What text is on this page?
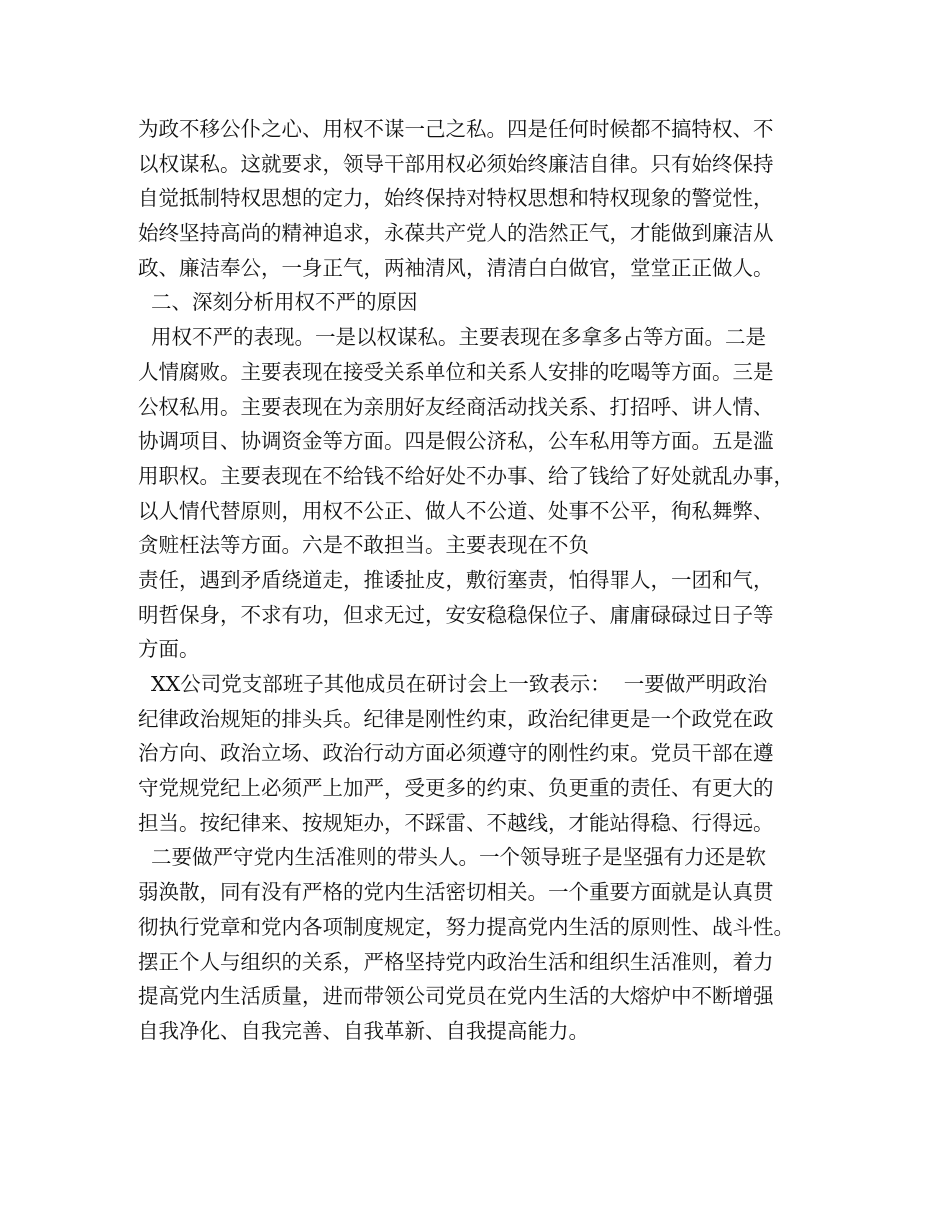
为政不移公仆之心、用权不谋一己之私。四是任何时候都不搞特权、不
以权谋私。这就要求，领导干部用权必须始终廉洁自律。只有始终保持
自觉抵制特权思想的定力，始终保持对特权思想和特权现象的警觉性，
始终坚持高尚的精神追求，永葆共产党人的浩然正气，才能做到廉洁从
政、廉洁奉公，一身正气，两袖清风，清清白白做官，堂堂正正做人。
二、深刻分析用权不严的原因
用权不严的表现。一是以权谋私。主要表现在多拿多占等方面。二是
人情腐败。主要表现在接受关系单位和关系人安排的吃喝等方面。三是
公权私用。主要表现在为亲朋好友经商活动找关系、打招呼、讲人情、
协调项目、协调资金等方面。四是假公济私，公车私用等方面。五是滥
用职权。主要表现在不给钱不给好处不办事、给了钱给了好处就乱办事，
以人情代替原则，用权不公正、做人不公道、处事不公平，徇私舞弊、
贪赃枉法等方面。六是不敢担当。主要表现在不负
责任，遇到矛盾绕道走，推诿扯皮，敷衍塞责，怕得罪人，一团和气，
明哲保身，不求有功，但求无过，安安稳稳保位子、庸庸碌碌过日子等
方面。
XX公司党支部班子其他成员在研讨会上一致表示：  一要做严明政治
纪律政治规矩的排头兵。纪律是刚性约束，政治纪律更是一个政党在政
治方向、政治立场、政治行动方面必须遵守的刚性约束。党员干部在遵
守党规党纪上必须严上加严，受更多的约束、负更重的责任、有更大的
担当。按纪律来、按规矩办，不踩雷、不越线，才能站得稳、行得远。
二要做严守党内生活准则的带头人。一个领导班子是坚强有力还是软
弱涣散，同有没有严格的党内生活密切相关。一个重要方面就是认真贯
彻执行党章和党内各项制度规定，努力提高党内生活的原则性、战斗性。
摆正个人与组织的关系，严格坚持党内政治生活和组织生活准则，着力
提高党内生活质量，进而带领公司党员在党内生活的大熔炉中不断增强
自我净化、自我完善、自我革新、自我提高能力。
